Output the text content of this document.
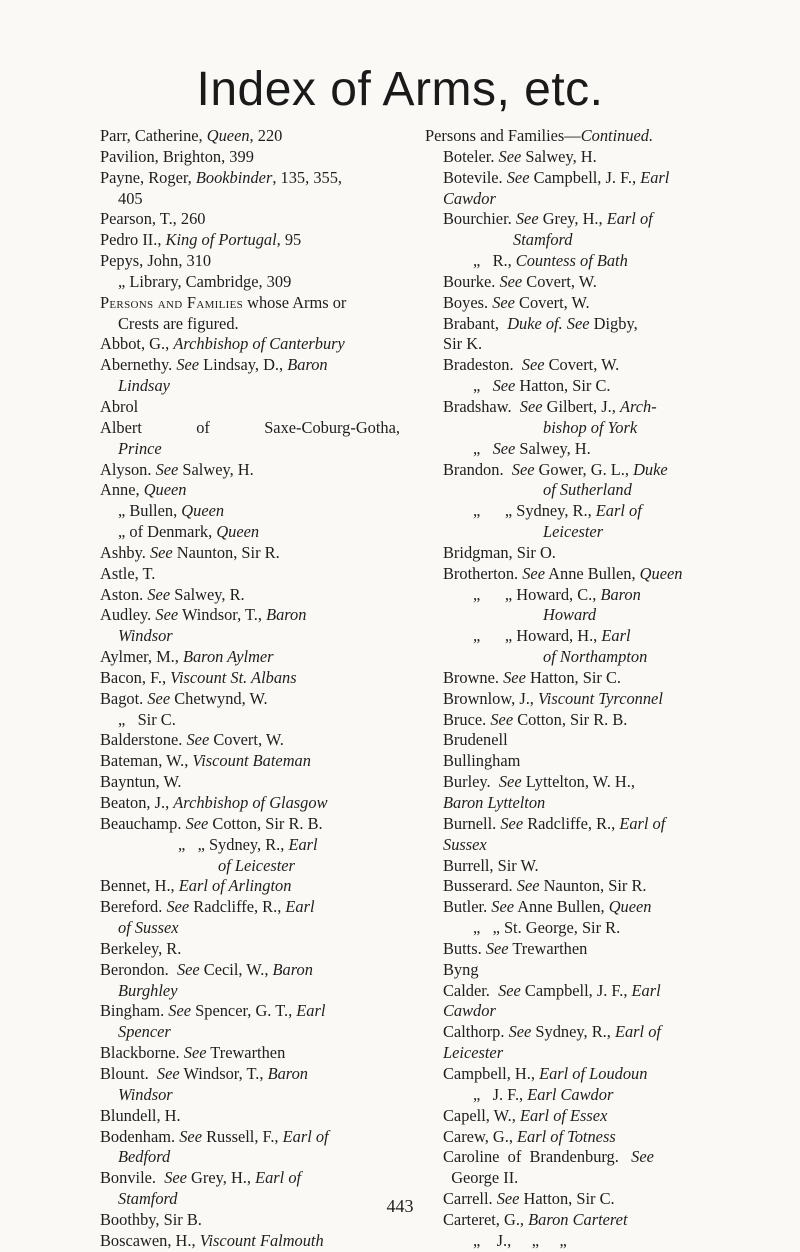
Index of Arms, etc.
Parr, Catherine, Queen, 220
Pavilion, Brighton, 399
Payne, Roger, Bookbinder, 135, 355,
405
Pearson, T., 260
Pedro II., King of Portugal, 95
Pepys, John, 310
„ Library, Cambridge, 309
Persons and Families whose Arms or
Crests are figured.
Abbot, G., Archbishop of Canterbury
Abernethy. See Lindsay, D., Baron
Lindsay
Abrol
Albert	of	Saxe-Coburg-Gotha,
Prince
Alyson. See Salwey, H.
Anne, Queen
„ Bullen, Queen
„ of Denmark, Queen
Ashby. See Naunton, Sir R.
Astle, T.
Aston. See Salwey, R.
Audley. See Windsor, T., Baron
Windsor
Aylmer, M., Baron Aylmer
Bacon, F., Viscount St. Albans
Bagot. See Chetwynd, W.
„   Sir C.
Balderstone. See Covert, W.
Bateman, W., Viscount Bateman
Bayntun, W.
Beaton, J., Archbishop of Glasgow
Beauchamp. See Cotton, Sir R. B.
„   „ Sydney, R., Earl
of Leicester
Bennet, H., Earl of Arlington
Bereford. See Radcliffe, R., Earl
of Sussex
Berkeley, R.
Berondon.  See Cecil, W., Baron
Burghley
Bingham. See Spencer, G. T., Earl
Spencer
Blackborne. See Trewarthen
Blount.  See Windsor, T., Baron
Windsor
Blundell, H.
Bodenham. See Russell, F., Earl of
Bedford
Bonvile.  See Grey, H., Earl of
Stamford
Boothby, Sir B.
Boscawen, H., Viscount Falmouth
Persons and Families—Continued.
Boteler. See Salwey, H.
Botevile. See Campbell, J. F., Earl
Cawdor
Bourchier. See Grey, H., Earl of
Stamford
„   R., Countess of Bath
Bourke. See Covert, W.
Boyes. See Covert, W.
Brabant,  Duke of. See Digby,
Sir K.
Bradeston.  See Covert, W.
„   See Hatton, Sir C.
Bradshaw.  See Gilbert, J., Arch-
bishop of York
„   See Salwey, H.
Brandon.  See Gower, G. L., Duke
of Sutherland
„      „ Sydney, R., Earl of
Leicester
Bridgman, Sir O.
Brotherton. See Anne Bullen, Queen
„      „ Howard, C., Baron
Howard
„      „ Howard, H., Earl
of Northampton
Browne. See Hatton, Sir C.
Brownlow, J., Viscount Tyrconnel
Bruce. See Cotton, Sir R. B.
Brudenell
Bullingham
Burley.  See Lyttelton, W. H.,
Baron Lyttelton
Burnell. See Radcliffe, R., Earl of
Sussex
Burrell, Sir W.
Busserard. See Naunton, Sir R.
Butler. See Anne Bullen, Queen
„   „ St. George, Sir R.
Butts. See Trewarthen
Byng
Calder.  See Campbell, J. F., Earl
Cawdor
Calthorp. See Sydney, R., Earl of
Leicester
Campbell, H., Earl of Loudoun
„   J. F., Earl Cawdor
Capell, W., Earl of Essex
Carew, G., Earl of Totness
Caroline  of  Brandenburg.   See
George II.
Carrell. See Hatton, Sir C.
Carteret, G., Baron Carteret
„    J.,     „     „
443
